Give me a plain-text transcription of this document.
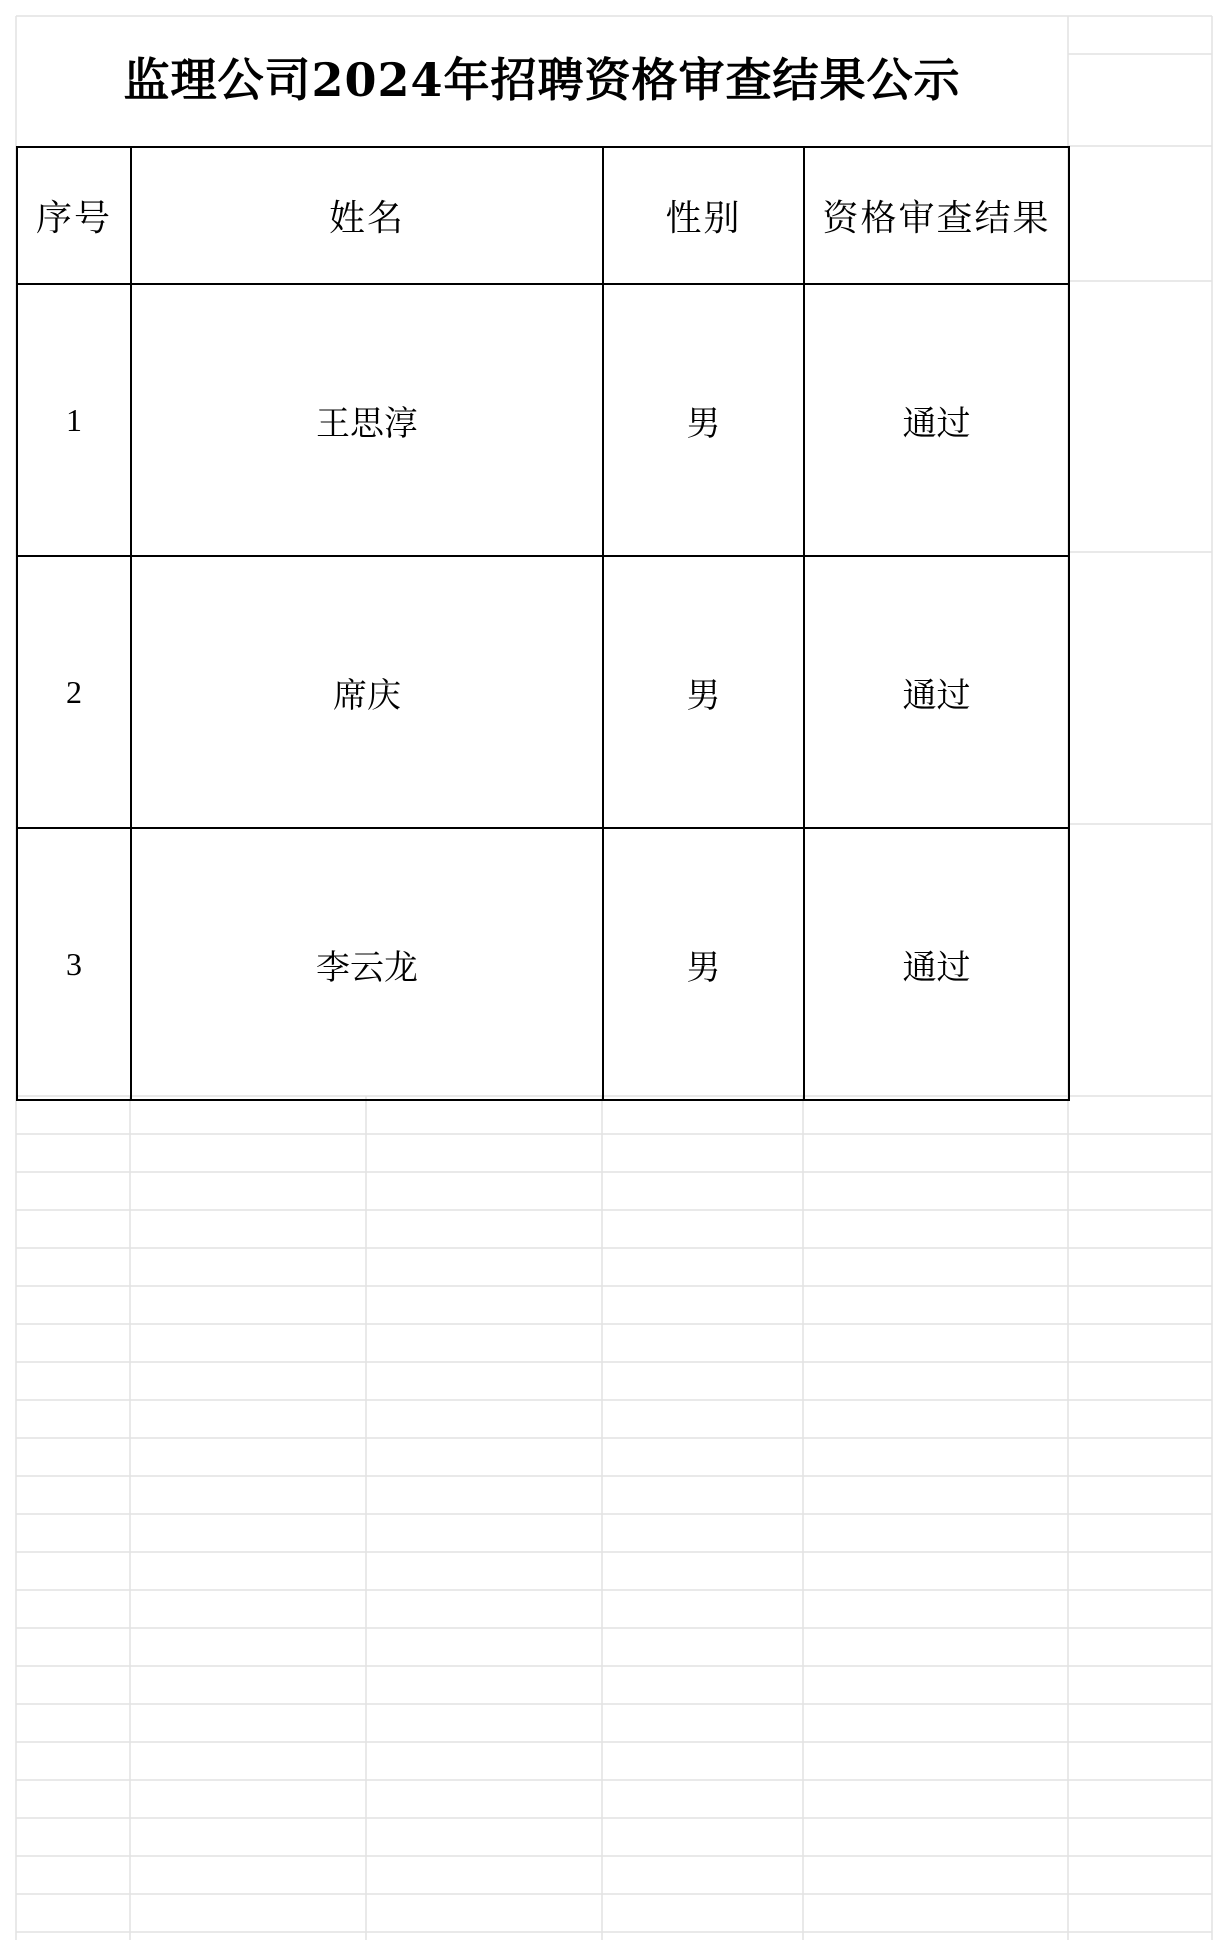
监理公司2024年招聘资格审查结果公示
序号	姓名	性别	资格审查结果
1	王思淳	男	通过
2	席庆	男	通过
3	李云龙	男	通过
